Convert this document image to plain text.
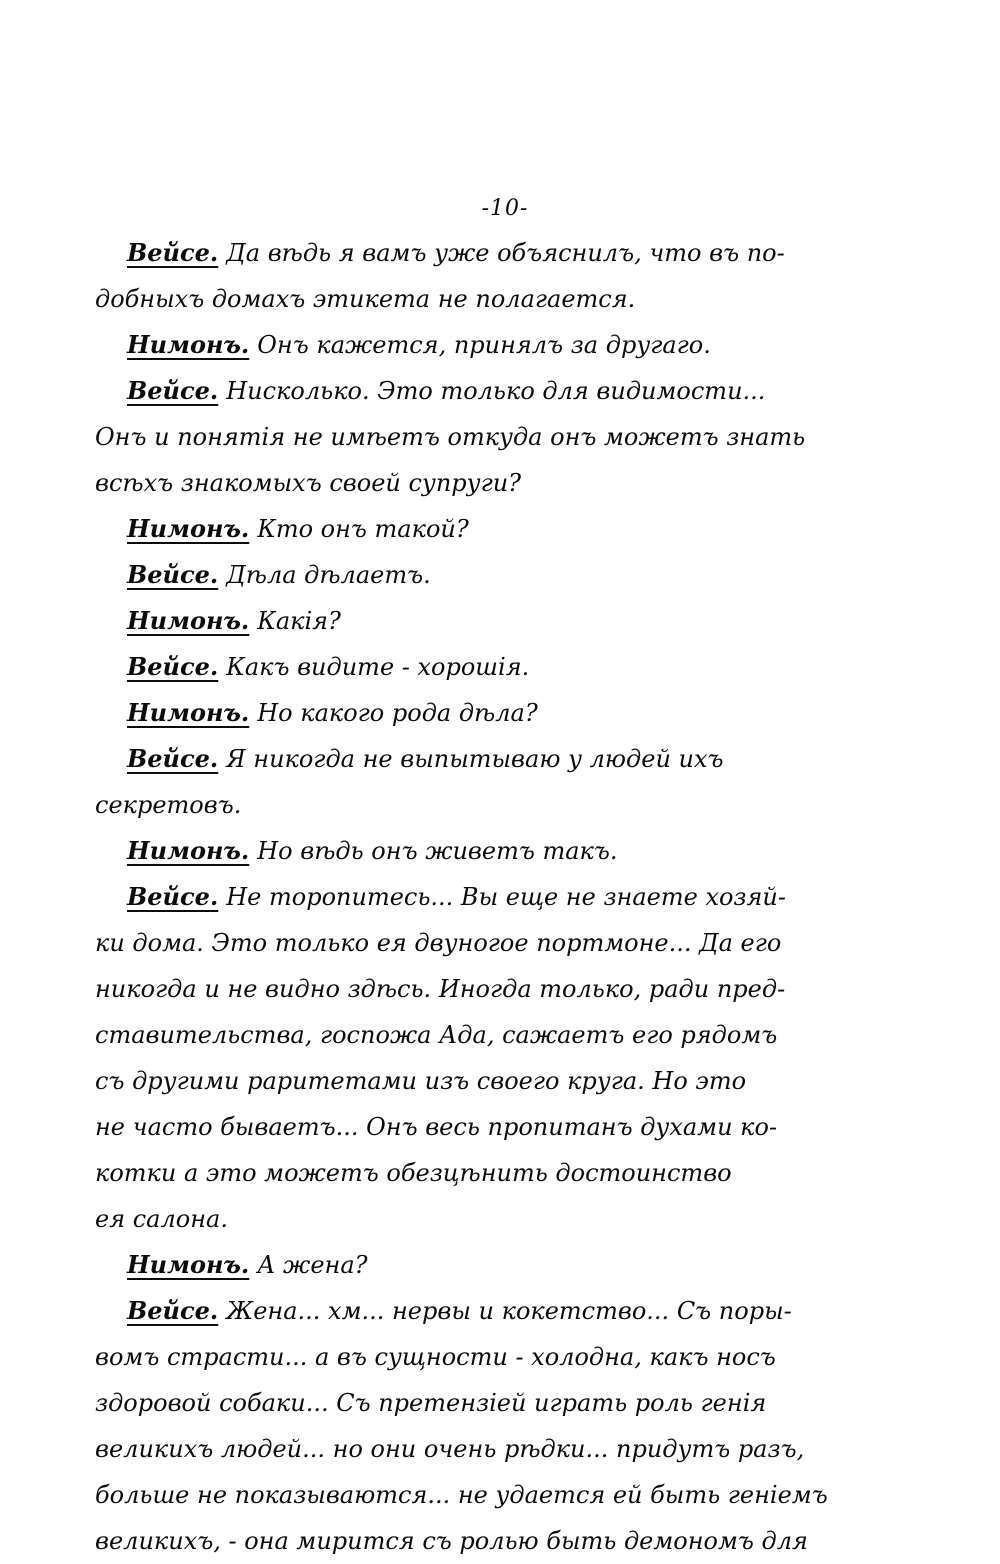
-10-
Вейсе. Да вѣдь я вамъ уже объяснилъ, что въ по-
добныхъ домахъ этикета не полагается.
Нимонъ. Онъ кажется, принялъ за другаго.
Вейсе. Нисколько. Это только для видимости...
Онъ и понятія не имѣетъ откуда онъ можетъ знать
всѣхъ знакомыхъ своей супруги?
Нимонъ. Кто онъ такой?
Вейсе. Дѣла дѣлаетъ.
Нимонъ. Какія?
Вейсе. Какъ видите - хорошія.
Нимонъ. Но какого рода дѣла?
Вейсе. Я никогда не выпытываю у людей ихъ
секретовъ.
Нимонъ. Но вѣдь онъ живетъ такъ.
Вейсе. Не торопитесь... Вы еще не знаете хозяй-
ки дома. Это только ея двуногое портмоне... Да его
никогда и не видно здѣсь. Иногда только, ради пред-
ставительства, госпожа Ада, сажаетъ его рядомъ
съ другими раритетами изъ своего круга. Но это
не часто бываетъ... Онъ весь пропитанъ духами ко-
котки а это можетъ обезцѣнить достоинство
ея салона.
Нимонъ. А жена?
Вейсе. Жена... хм... нервы и кокетство... Съ поры-
вомъ страсти... а въ сущности - холодна, какъ носъ
здоровой собаки... Съ претензіей играть роль генія
великихъ людей... но они очень рѣдки... придутъ разъ,
больше не показываются... не удается ей быть геніемъ
великихъ, - она мирится съ ролью быть демономъ для
